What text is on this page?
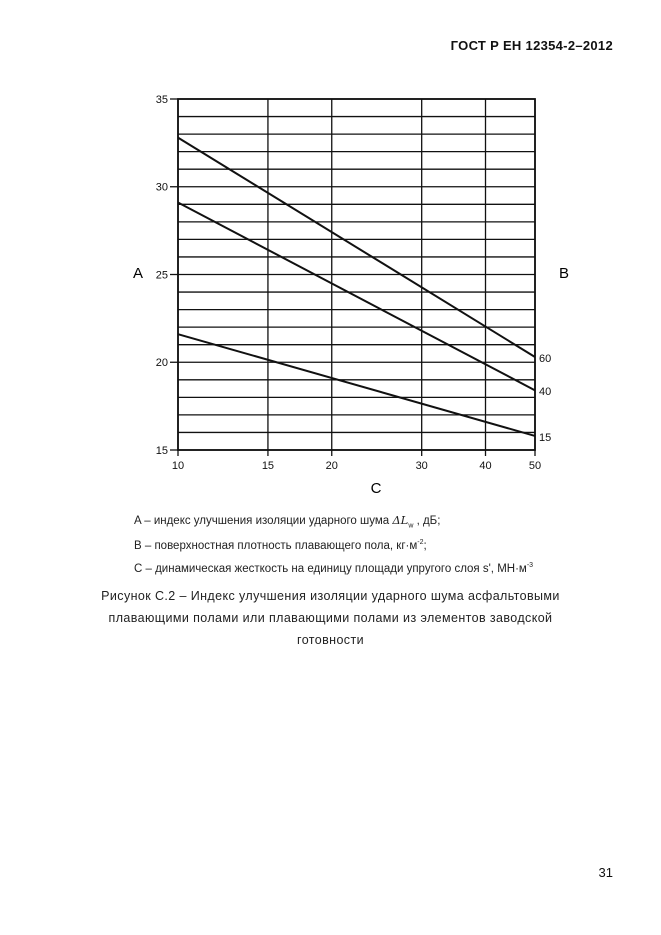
ГОСТ Р ЕН 12354-2–2012
60
40
15
15
20
25
30
35
10	15	20	30	40	50
A	B
C
A – индекс улучшения изоляции ударного шума $\Delta L_w$ , дБ;
B – поверхностная плотность плавающего пола, $кг\cdot м^{-2}$;
C – динамическая жесткость на единицу площади упругого слоя s', $МН\cdot м^{-3}$
Рисунок С.2 – Индекс улучшения изоляции ударного шума асфальтовыми
плавающими полами или плавающими полами из элементов заводской
готовности
31
